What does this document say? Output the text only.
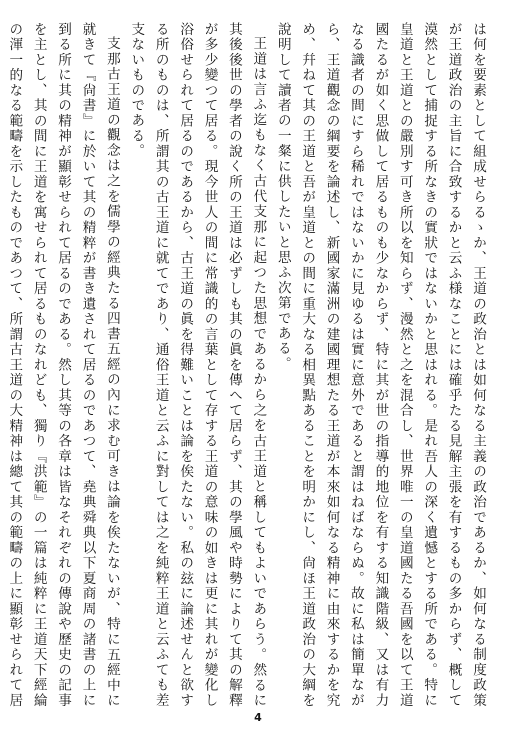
は何を要素として組成せらるゝか、王道の政治とは如何なる主義の政治であるか、如何なる制度政策が王道政治の主旨に合致するかと云ふ様なことには確乎たる見解主張を有するもの多からず、概して漠然として捕捉する所なきの實狀ではないかと思はれる。是れ吾人の深く遺憾とする所である。特に皇道と王道との嚴別す可き所以を知らず、漫然と之を混合し、世界唯一の皇道國たる吾國を以て王道國たるが如く思做して居るものも少なからず、特に其が世の指導的地位を有する知識階級、又は有力なる識者の間にすら稀れではないかに見ゆるは實に意外であると謂はねばならぬ。故に私は簡單ながら、王道觀念の綱要を論述し、新國家滿洲の建國理想たる王道が本來如何なる精神に由來するかを究め、幷ねて其の王道と吾が皇道との間に重大なる相異點あることを明かにし、尙ほ王道政治の大綱を說明して讀者の一粲に供したいと思ふ次第である。

王道は言ふ迄もなく古代支那に起つた思想であるから之を古王道と稱してもよいであらう。然るに其後後世の學者の說く所の王道は必ずしも其の眞を傳へて居らず、其の學風や時勢によりて其の解釋が多少變つて居る。現今世人の間に常識的の言葉として存する王道の意味の如きは更に其れが變化し浴俗せられて居るのであるから、古王道の眞を得難いことは論を俟たない。私の玆に論述せんと欲する所のものは、所謂其の古王道に就てであり、通俗王道と云ふに對しては之を純粹王道と云ふても差支ないものである。

支那古王道の觀念は之を儒學の經典たる四書五經の內に求む可きは論を俟たないが、特に五經中に就きて『尙書』に於いて其の精粹が書き遺されて居るのであつて、堯典舜典以下夏商周の諸書の上に到る所に其の精神が顯彰せられて居るのである。然し其等の各章は皆なそれぞれの傳說や歷史の記事を主とし、其の間に王道を寓せられて居るものなれども、獨り『洪範』の一篇は純粹に王道天下經綸の渾一的なる範疇を示したものであつて、所謂古王道の大精神は總て其の範疇の上に顯彰せられて居

4
